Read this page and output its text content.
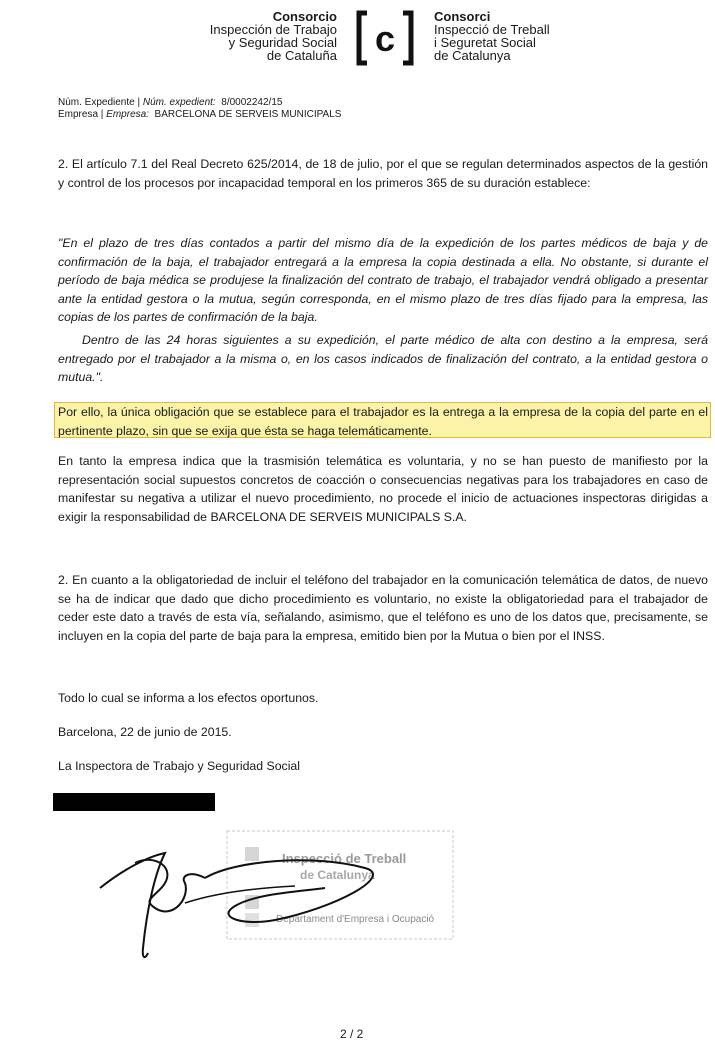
Consorcio
Inspección de Trabajo
y Seguridad Social
de Cataluña c
Consorci
Inspecció de Treball
i Seguretat Social
de Catalunya
Núm. Expediente | Núm. expedient: 8/0002242/15
Empresa | Empresa: BARCELONA DE SERVEIS MUNICIPALS
2. El artículo 7.1 del Real Decreto 625/2014, de 18 de julio, por el que se regulan determinados aspectos de la gestión y control de los procesos por incapacidad temporal en los primeros 365 de su duración establece:
"En el plazo de tres días contados a partir del mismo día de la expedición de los partes médicos de baja y de confirmación de la baja, el trabajador entregará a la empresa la copia destinada a ella. No obstante, si durante el período de baja médica se produjese la finalización del contrato de trabajo, el trabajador vendrá obligado a presentar ante la entidad gestora o la mutua, según corresponda, en el mismo plazo de tres días fijado para la empresa, las copias de los partes de confirmación de la baja.
Dentro de las 24 horas siguientes a su expedición, el parte médico de alta con destino a la empresa, será entregado por el trabajador a la misma o, en los casos indicados de finalización del contrato, a la entidad gestora o mutua.".
Por ello, la única obligación que se establece para el trabajador es la entrega a la empresa de la copia del parte en el pertinente plazo, sin que se exija que ésta se haga telemáticamente.
En tanto la empresa indica que la trasmisión telemática es voluntaria, y no se han puesto de manifiesto por la representación social supuestos concretos de coacción o consecuencias negativas para los trabajadores en caso de manifestar su negativa a utilizar el nuevo procedimiento, no procede el inicio de actuaciones inspectoras dirigidas a exigir la responsabilidad de BARCELONA DE SERVEIS MUNICIPALS S.A.
2. En cuanto a la obligatoriedad de incluir el teléfono del trabajador en la comunicación telemática de datos, de nuevo se ha de indicar que dado que dicho procedimiento es voluntario, no existe la obligatoriedad para el trabajador de ceder este dato a través de esta vía, señalando, asimismo, que el teléfono es uno de los datos que, precisamente, se incluyen en la copia del parte de baja para la empresa, emitido bien por la Mutua o bien por el INSS.
Todo lo cual se informa a los efectos oportunos.
Barcelona, 22 de junio de 2015.
La Inspectora de Trabajo y Seguridad Social
Inspecció de Treball
de Catalunya
Departament d'Empresa i Ocupació
2 / 2
